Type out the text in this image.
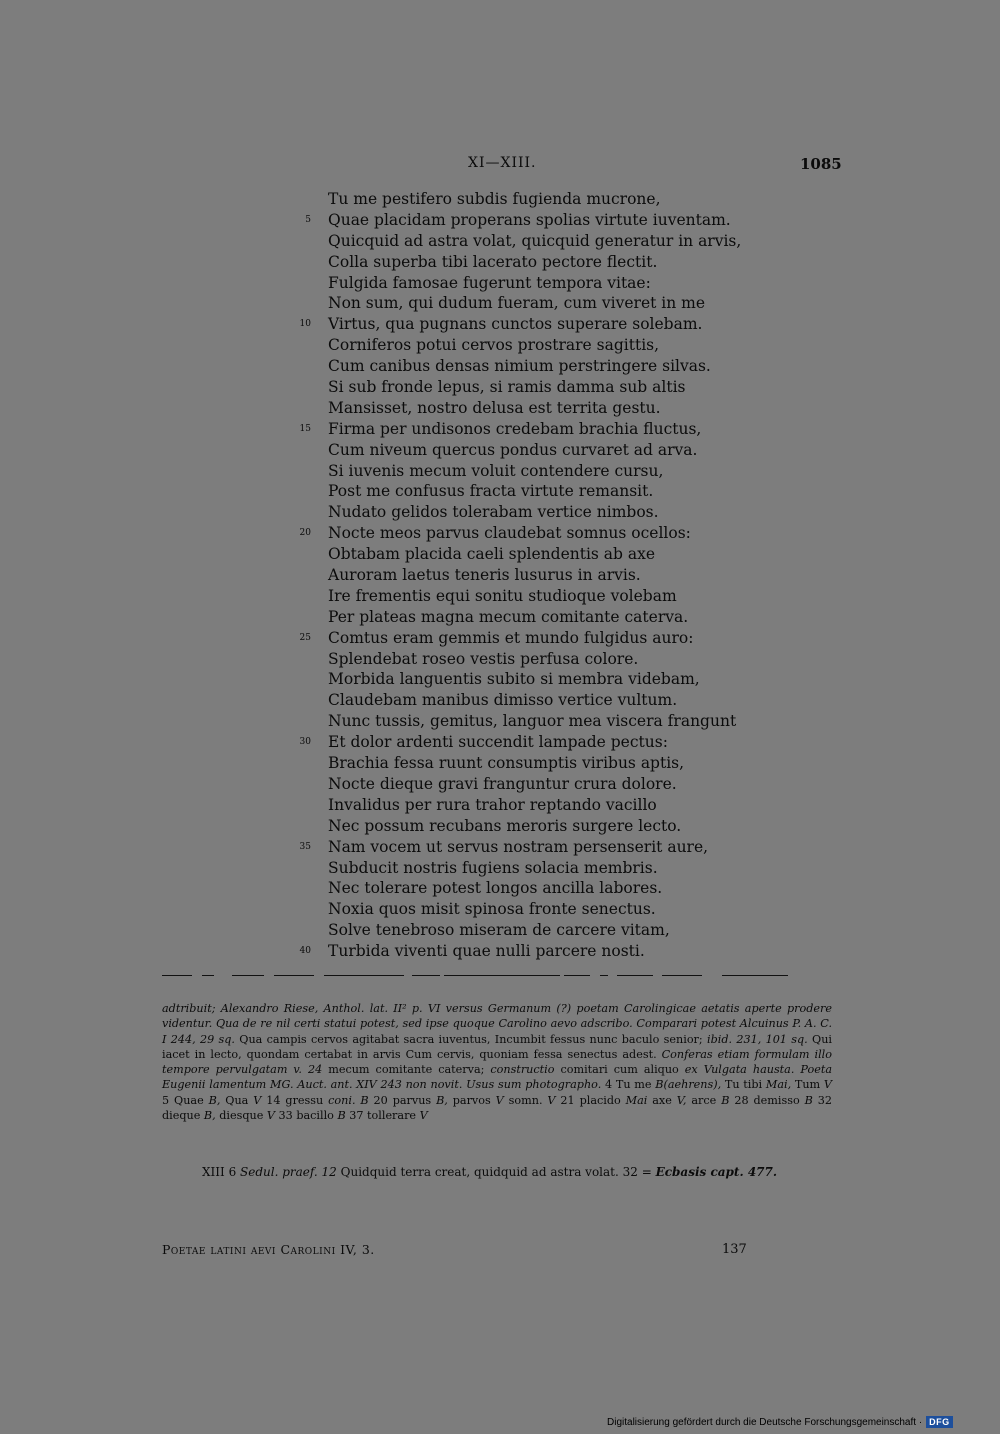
XI—XIII.	1085
Tu me pestifero subdis fugienda mucrone,
5 Quae placidam properans spolias virtute iuventam.
Quicquid ad astra volat, quicquid generatur in arvis,
Colla superba tibi lacerato pectore flectit.
Fulgida famosae fugerunt tempora vitae:
Non sum, qui dudum fueram, cum viveret in me
10 Virtus, qua pugnans cunctos superare solebam.
Corniferos potui cervos prostrare sagittis,
Cum canibus densas nimium perstringere silvas.
Si sub fronde lepus, si ramis damma sub altis
Mansisset, nostro delusa est territa gestu.
15 Firma per undisonos credebam brachia fluctus,
Cum niveum quercus pondus curvaret ad arva.
Si iuvenis mecum voluit contendere cursu,
Post me confusus fracta virtute remansit.
Nudato gelidos tolerabam vertice nimbos.
20 Nocte meos parvus claudebat somnus ocellos:
Obtabam placida caeli splendentis ab axe
Auroram laetus teneris lusurus in arvis.
Ire frementis equi sonitu studioque volebam
Per plateas magna mecum comitante caterva.
25 Comtus eram gemmis et mundo fulgidus auro:
Splendebat roseo vestis perfusa colore.
Morbida languentis subito si membra videbam,
Claudebam manibus dimisso vertice vultum.
Nunc tussis, gemitus, languor mea viscera frangunt
30 Et dolor ardenti succendit lampade pectus:
Brachia fessa ruunt consumptis viribus aptis,
Nocte dieque gravi franguntur crura dolore.
Invalidus per rura trahor reptando vacillo
Nec possum recubans meroris surgere lecto.
35 Nam vocem ut servus nostram persenserit aure,
Subducit nostris fugiens solacia membris.
Nec tolerare potest longos ancilla labores.
Noxia quos misit spinosa fronte senectus.
Solve tenebroso miseram de carcere vitam,
40 Turbida viventi quae nulli parcere nosti.
adtribuit; Alexandro Riese, Anthol. lat. II² p. VI versus Germanum (?) poetam Carolingicae aetatis aperte prodere videntur. Qua de re nil certi statui potest, sed ipse quoque Carolino aevo adscribo. Comparari potest Alcuinus P. A. C. I 244, 29 sq. Qua campis cervos agitabat sacra iuventus, Incumbit fessus nunc baculo senior; ibid. 231, 101 sq. Qui iacet in lecto, quondam certabat in arvis Cum cervis, quoniam fessa senectus adest. Conferas etiam formulam illo tempore pervulgatam v. 24 mecum comitante caterva; constructio comitari cum aliquo ex Vulgata hausta. Poeta Eugenii lamentum MG. Auct. ant. XIV 243 non novit. Usus sum photographo. 4 Tu me B(aehrens), Tu tibi Mai, Tum V 5 Quae B, Qua V 14 gressu coni. B 20 parvus B, parvos V somn. V 21 placido Mai axe V, arce B 28 demisso B 32 dieque B, diesque V 33 bacillo B 37 tollerare V
XIII 6 Sedul. praef. 12 Quidquid terra creat, quidquid ad astra volat. 32 = Ecbasis capt. 477.
Poetae latini aevi Carolini IV, 3.	137
Digitalisierung gefördert durch die Deutsche Forschungsgemeinschaft · DFG
